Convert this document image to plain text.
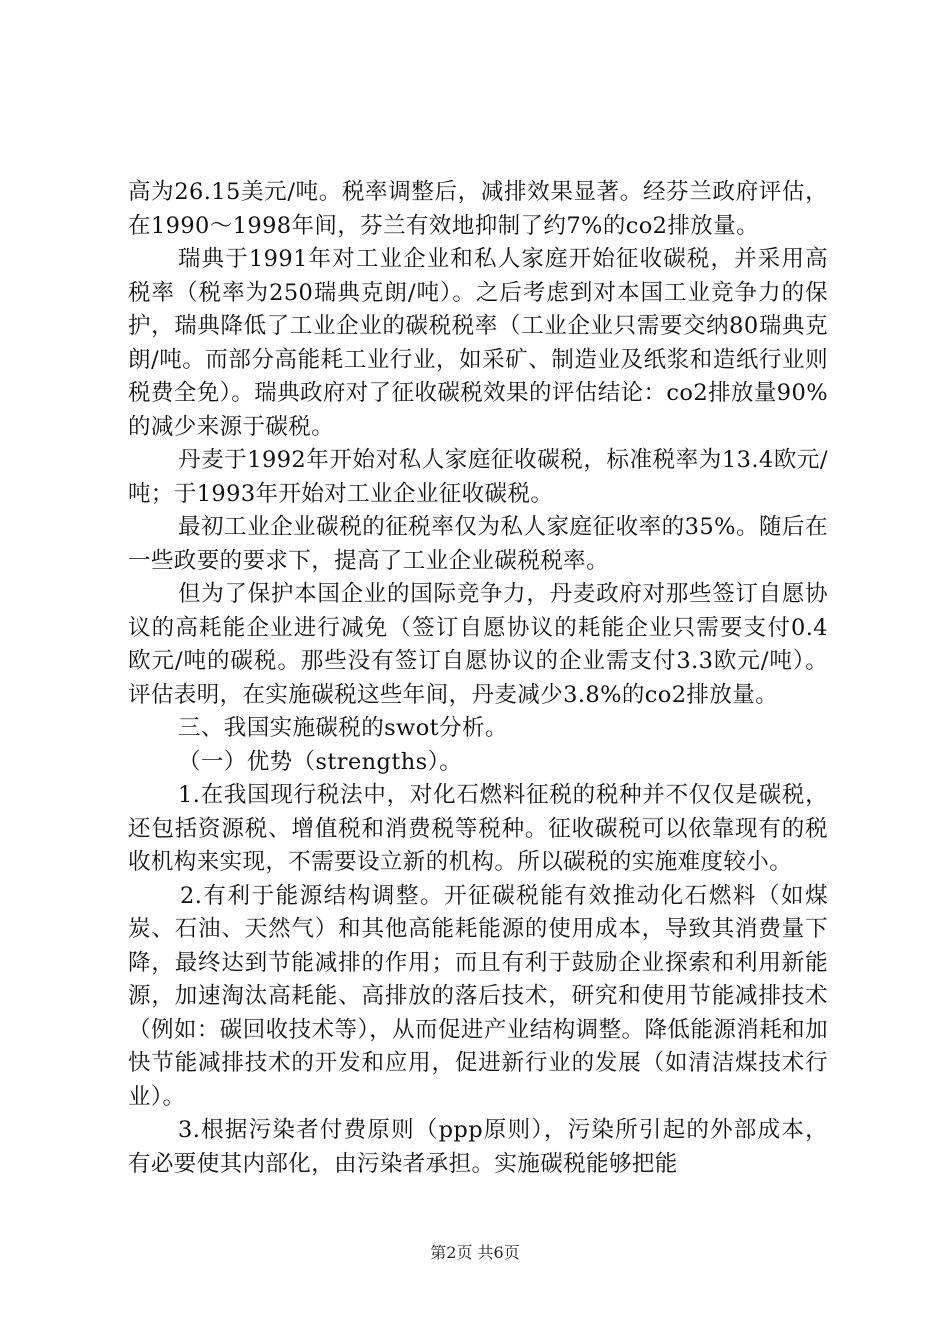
高为26.15美元/吨。税率调整后，减排效果显著。经芬兰政府评估，在1990～1998年间，芬兰有效地抑制了约7%的co2排放量。

瑞典于1991年对工业企业和私人家庭开始征收碳税，并采用高税率（税率为250瑞典克朗/吨）。之后考虑到对本国工业竞争力的保护，瑞典降低了工业企业的碳税税率（工业企业只需要交纳80瑞典克朗/吨。而部分高能耗工业行业，如采矿、制造业及纸浆和造纸行业则税费全免）。瑞典政府对了征收碳税效果的评估结论：co2排放量90%的减少来源于碳税。

丹麦于1992年开始对私人家庭征收碳税，标准税率为13.4欧元/吨；于1993年开始对工业企业征收碳税。

最初工业企业碳税的征税率仅为私人家庭征收率的35%。随后在一些政要的要求下，提高了工业企业碳税税率。

但为了保护本国企业的国际竞争力，丹麦政府对那些签订自愿协议的高耗能企业进行减免（签订自愿协议的耗能企业只需要支付0.4欧元/吨的碳税。那些没有签订自愿协议的企业需支付3.3欧元/吨）。评估表明，在实施碳税这些年间，丹麦减少3.8%的co2排放量。

三、我国实施碳税的swot分析。

（一）优势（strengths）。

1.在我国现行税法中，对化石燃料征税的税种并不仅仅是碳税，还包括资源税、增值税和消费税等税种。征收碳税可以依靠现有的税收机构来实现，不需要设立新的机构。所以碳税的实施难度较小。

2.有利于能源结构调整。开征碳税能有效推动化石燃料（如煤炭、石油、天然气）和其他高能耗能源的使用成本，导致其消费量下降，最终达到节能减排的作用；而且有利于鼓励企业探索和利用新能源，加速淘汰高耗能、高排放的落后技术，研究和使用节能减排技术（例如：碳回收技术等），从而促进产业结构调整。降低能源消耗和加快节能减排技术的开发和应用，促进新行业的发展（如清洁煤技术行业）。

3.根据污染者付费原则（ppp原则），污染所引起的外部成本，有必要使其内部化，由污染者承担。实施碳税能够把能

第2页 共6页
